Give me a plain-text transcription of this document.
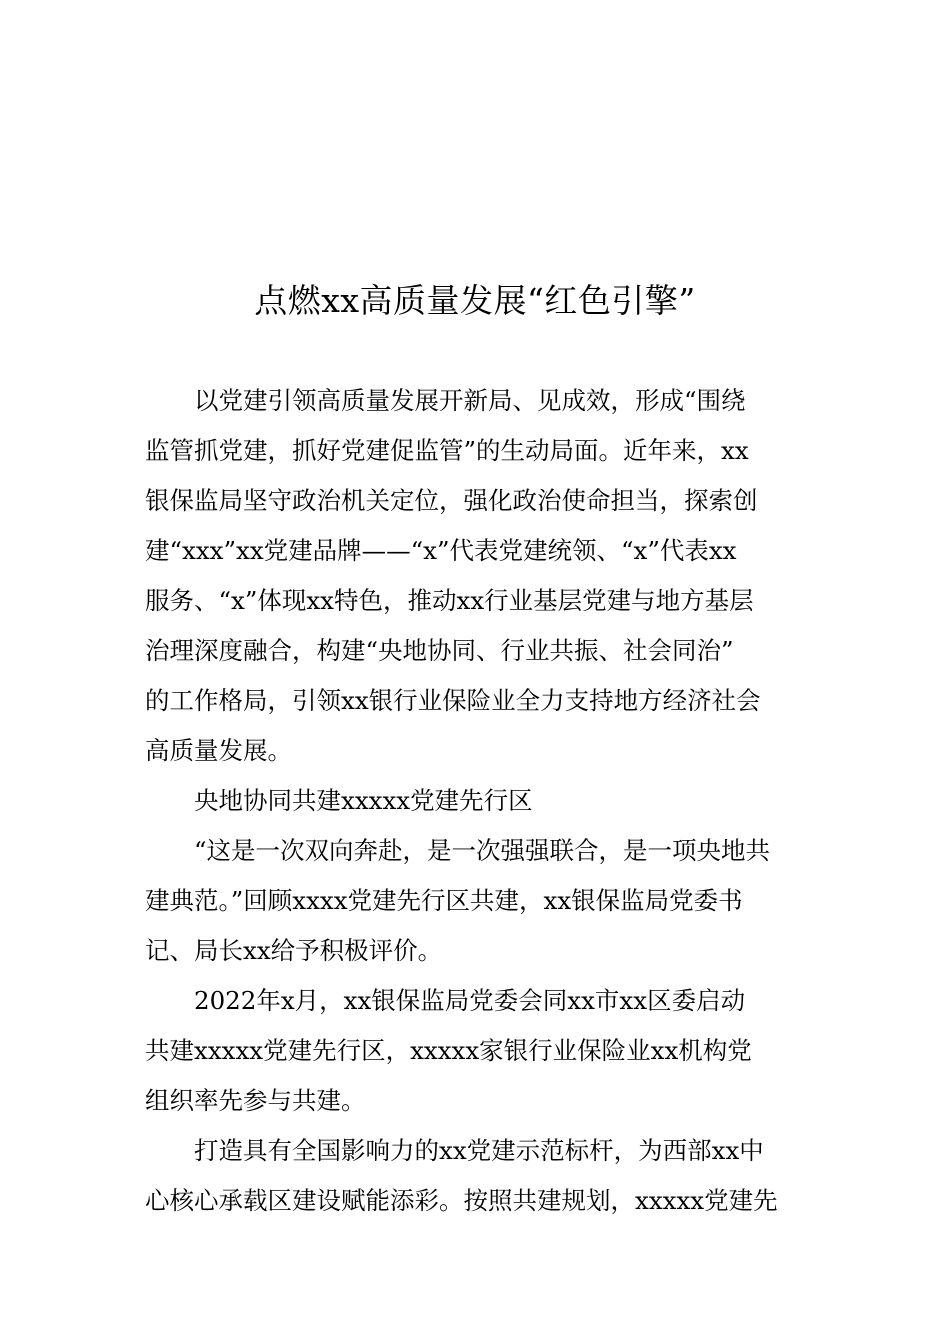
点燃xx高质量发展“红色引擎”
以党建引领高质量发展开新局、见成效，形成“围绕
监管抓党建，抓好党建促监管”的生动局面。近年来，xx
银保监局坚守政治机关定位，强化政治使命担当，探索创
建“xxx”xx党建品牌——“x”代表党建统领、“x”代表xx
服务、“x”体现xx特色，推动xx行业基层党建与地方基层
治理深度融合，构建“央地协同、行业共振、社会同治”
的工作格局，引领xx银行业保险业全力支持地方经济社会
高质量发展。
央地协同共建xxxxx党建先行区
“这是一次双向奔赴，是一次强强联合，是一项央地共
建典范。”回顾xxxx党建先行区共建，xx银保监局党委书
记、局长xx给予积极评价。
2022年x月，xx银保监局党委会同xx市xx区委启动
共建xxxxx党建先行区，xxxxx家银行业保险业xx机构党
组织率先参与共建。
打造具有全国影响力的xx党建示范标杆，为西部xx中
心核心承载区建设赋能添彩。按照共建规划，xxxxx党建先
